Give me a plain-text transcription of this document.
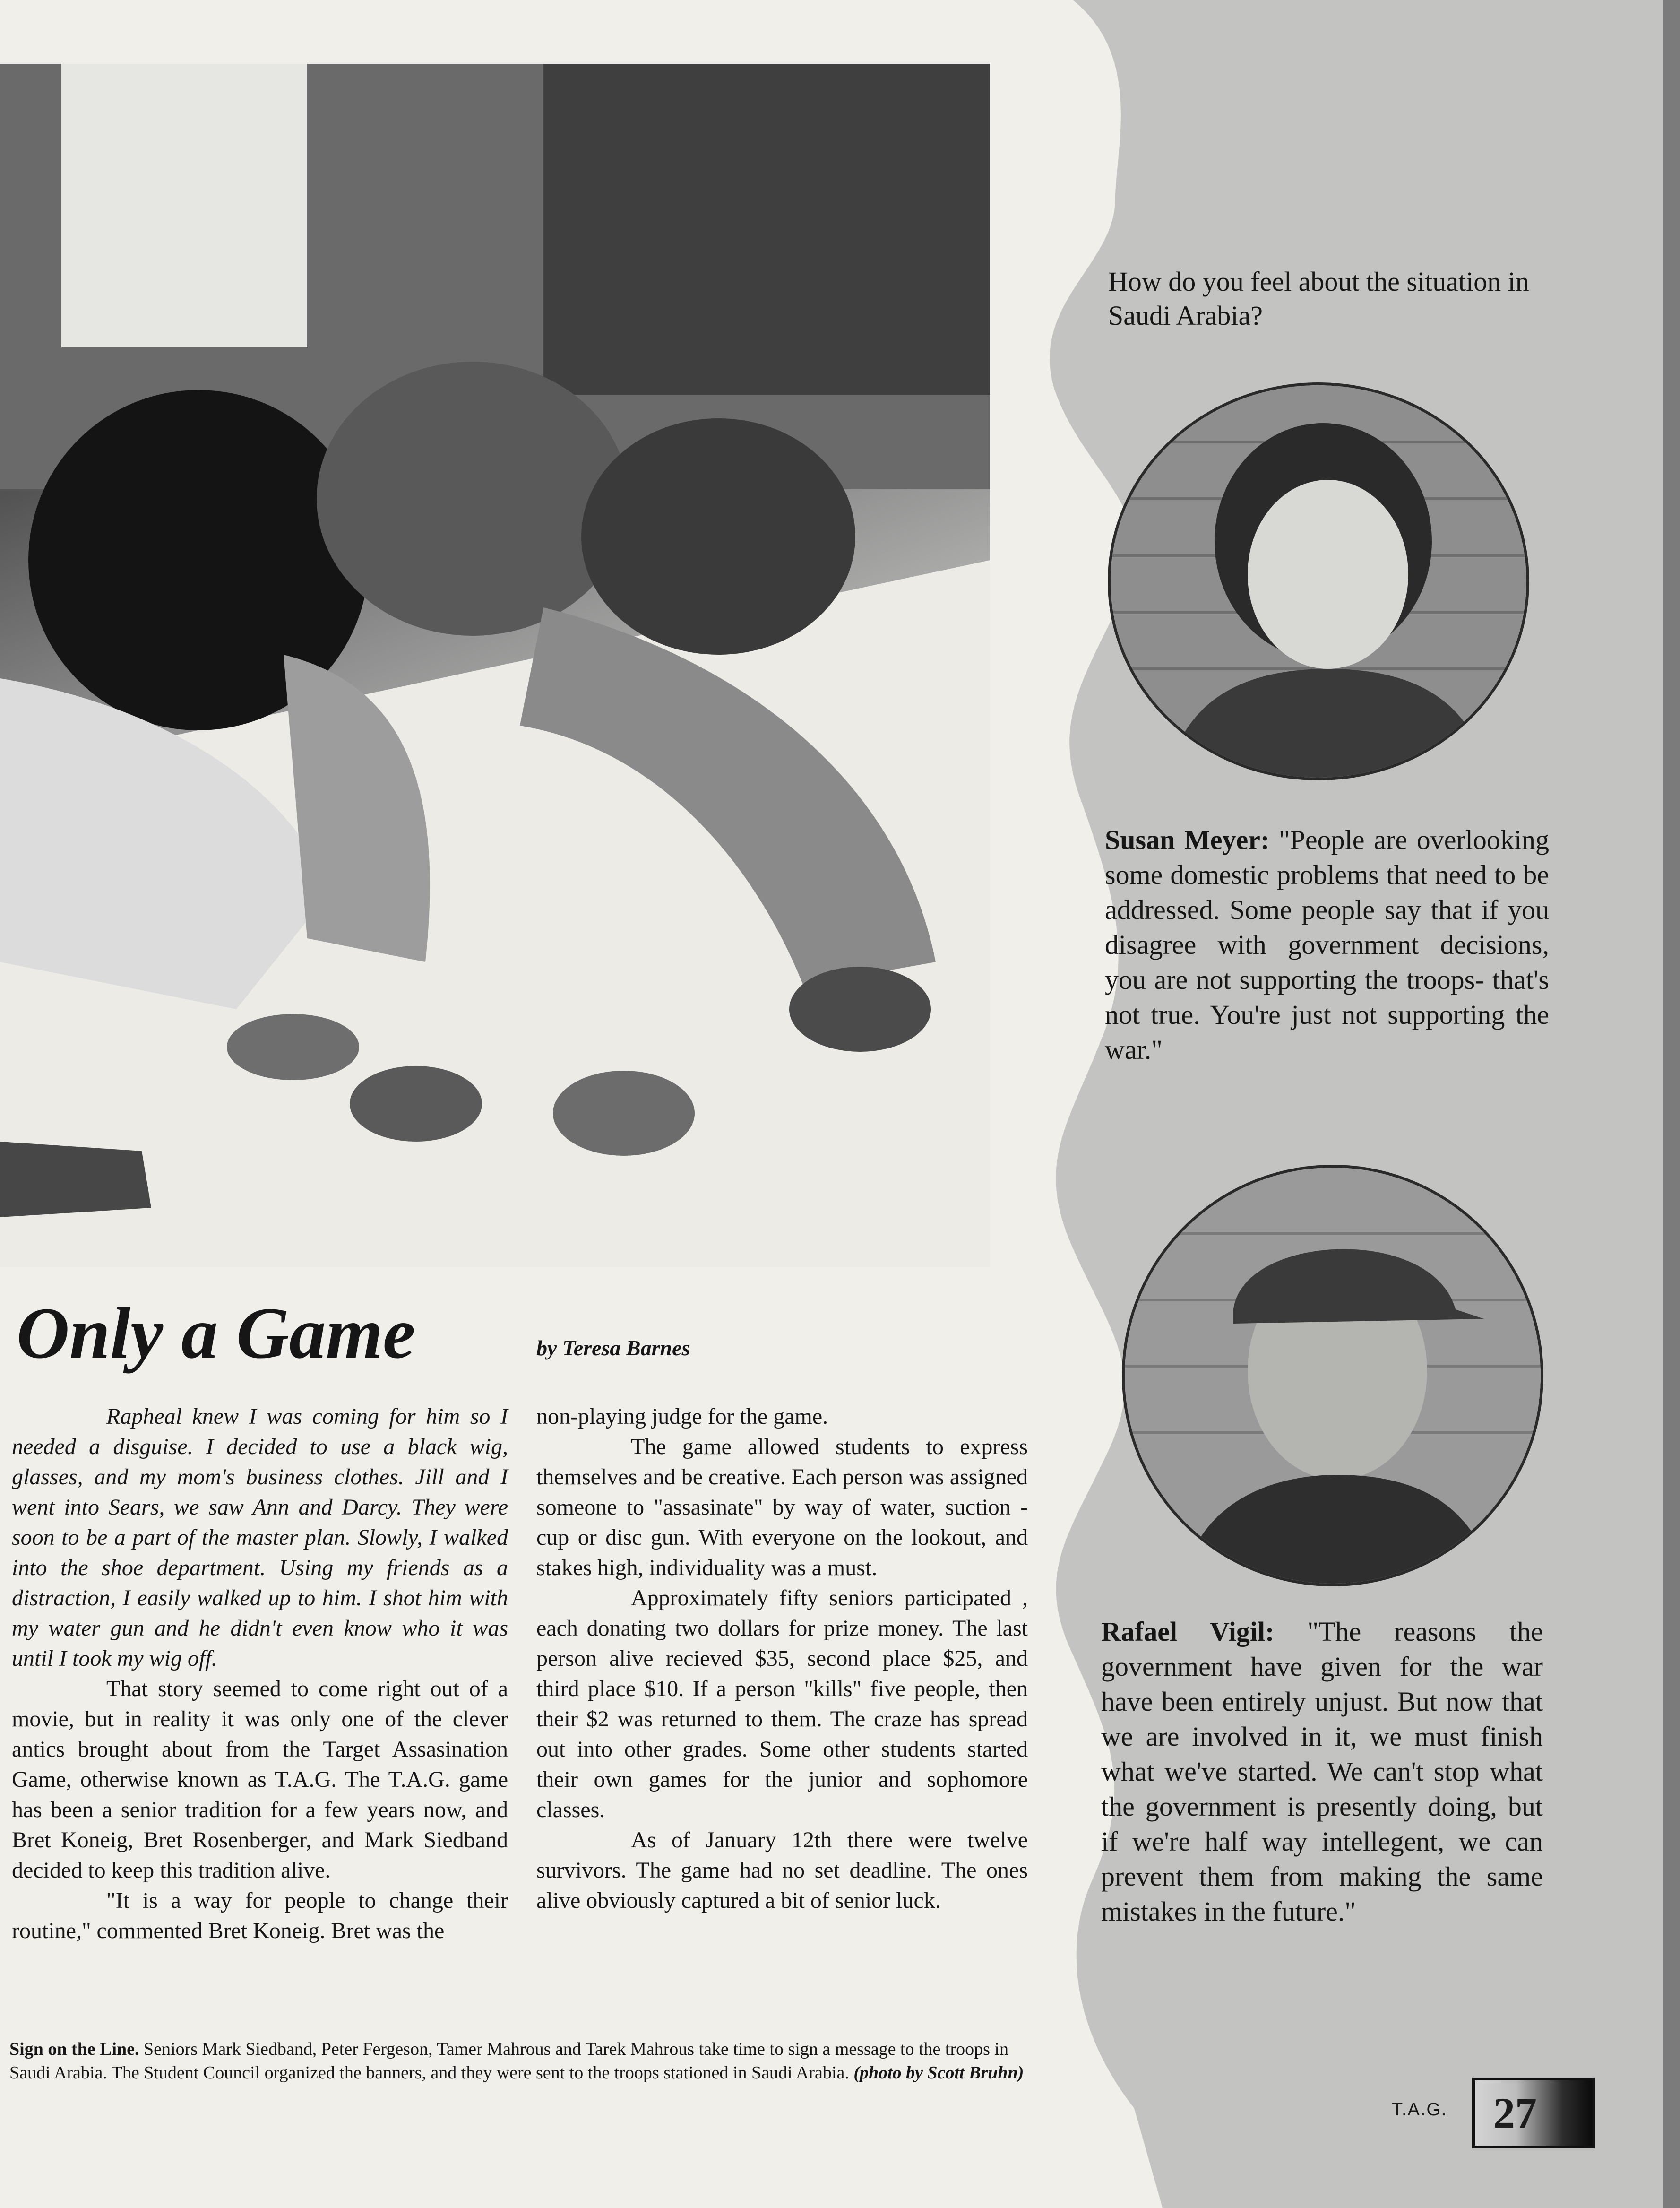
How do you feel about the situation in Saudi Arabia?
Susan Meyer: "People are overlooking some domestic problems that need to be addressed. Some people say that if you disagree with government decisions, you are not supporting the troops- that's not true. You're just not supporting the war."
Rafael Vigil: "The reasons the government have given for the war have been entirely unjust. But now that we are involved in it, we must finish what we've started. We can't stop what the government is presently doing, but if we're half way intellegent, we can prevent them from making the same mistakes in the future."
Only a Game	by Teresa Barnes

Rapheal knew I was coming for him so I needed a disguise. I decided to use a black wig, glasses, and my mom's business clothes. Jill and I went into Sears, we saw Ann and Darcy. They were soon to be a part of the master plan. Slowly, I walked into the shoe department. Using my friends as a distraction, I easily walked up to him. I shot him with my water gun and he didn't even know who it was until I took my wig off.

That story seemed to come right out of a movie, but in reality it was only one of the clever antics brought about from the Target Assasination Game, otherwise known as T.A.G. The T.A.G. game has been a senior tradition for a few years now, and Bret Koneig, Bret Rosenberger, and Mark Siedband decided to keep this tradition alive.

"It is a way for people to change their routine," commented Bret Koneig. Bret was the

non-playing judge for the game.

The game allowed students to express themselves and be creative. Each person was assigned someone to "assasinate" by way of water, suction -cup or disc gun. With everyone on the lookout, and stakes high, individuality was a must.

Approximately fifty seniors participated , each donating two dollars for prize money. The last person alive recieved $35, second place $25, and third place $10. If a person "kills" five people, then their $2 was returned to them. The craze has spread out into other grades. Some other students started their own games for the junior and sophomore classes.

As of January 12th there were twelve survivors. The game had no set deadline. The ones alive obviously captured a bit of senior luck.

Sign on the Line. Seniors Mark Siedband, Peter Fergeson, Tamer Mahrous and Tarek Mahrous take time to sign a message to the troops in Saudi Arabia. The Student Council organized the banners, and they were sent to the troops stationed in Saudi Arabia. (photo by Scott Bruhn)
T.A.G. 27
